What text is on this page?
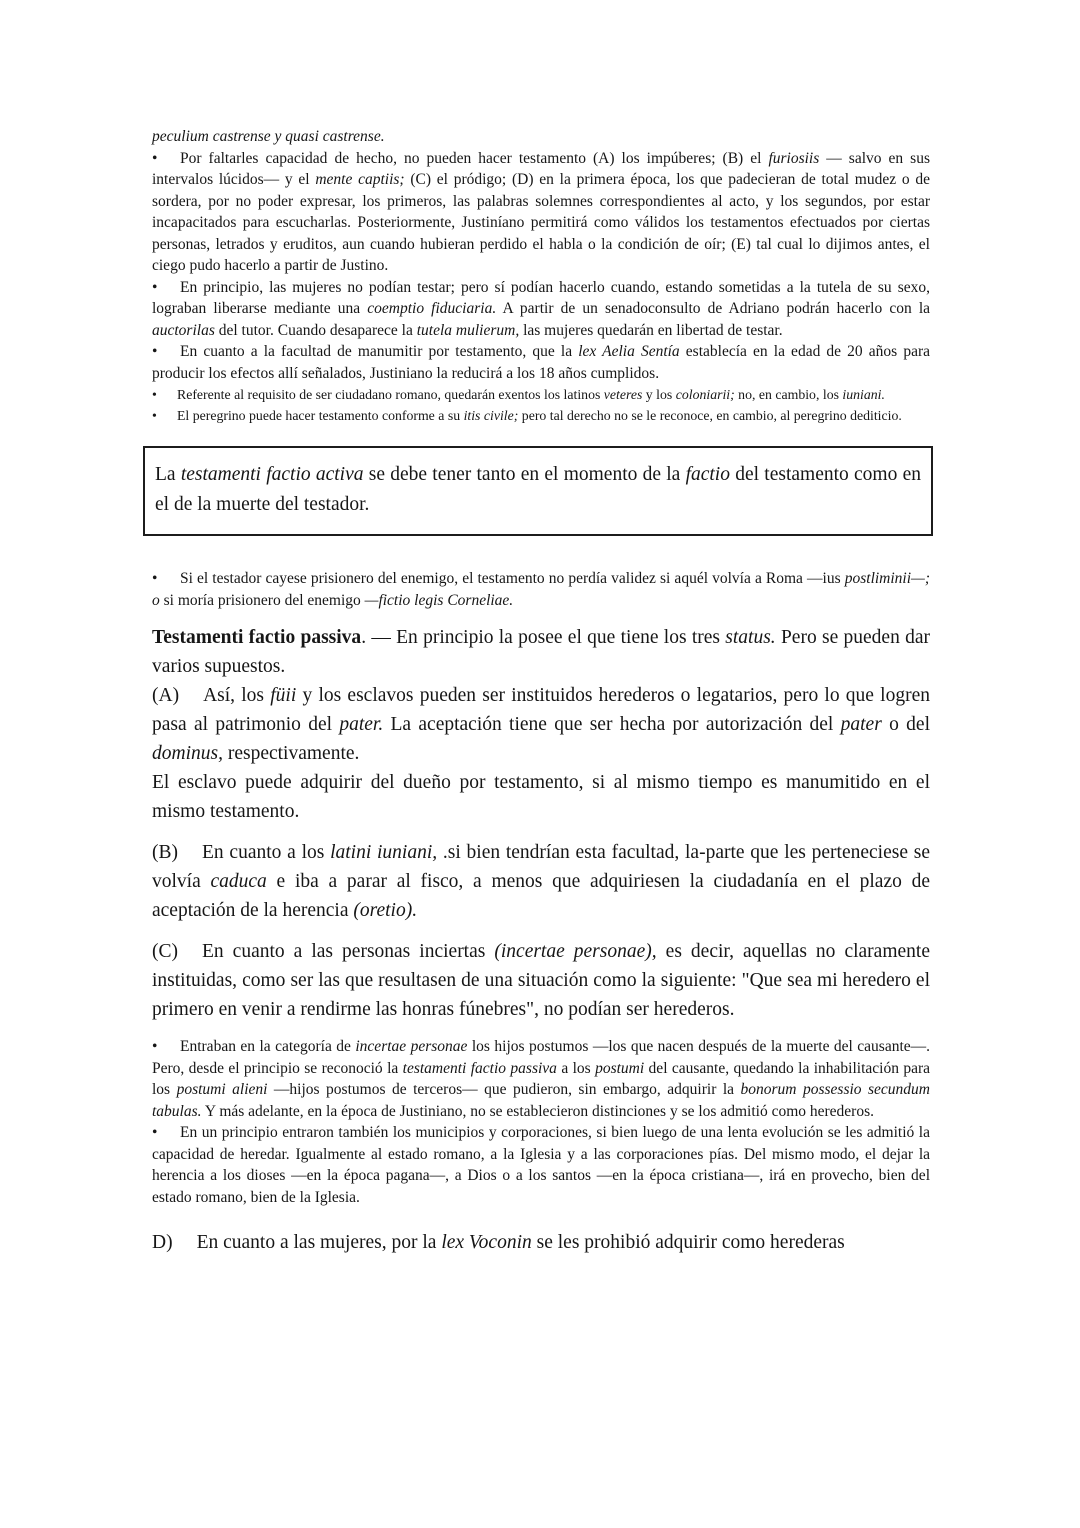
peculium castrense y quasi castrense.

• Por faltarles capacidad de hecho, no pueden hacer testamento (A) los impúberes; (B) el furiosiis — salvo en sus intervalos lúcidos— y el mente captiis; (C) el pródigo; (D) en la primera época, los que padecieran de total mudez o de sordera, por no poder expresar, los primeros, las palabras solemnes correspondientes al acto, y los segundos, por estar incapacitados para escucharlas. Posteriormente, Justiníano permitirá como válidos los testamentos efectuados por ciertas personas, letrados y eruditos, aun cuando hubieran perdido el habla o la condición de oír; (E) tal cual lo dijimos antes, el ciego pudo hacerlo a partir de Justino.

• En principio, las mujeres no podían testar; pero sí podían hacerlo cuando, estando sometidas a la tutela de su sexo, lograban liberarse mediante una coemptio fiduciaria. A partir de un senadoconsulto de Adriano podrán hacerlo con la auctorilas del tutor. Cuando desaparece la tutela mulierum, las mujeres quedarán en libertad de testar.

• En cuanto a la facultad de manumitir por testamento, que la lex Aelia Sentía establecía en la edad de 20 años para producir los efectos allí señalados, Justiniano la reducirá a los 18 años cumplidos.

• Referente al requisito de ser ciudadano romano, quedarán exentos los latinos veteres y los coloniarii; no, en cambio, los iuniani.

• El peregrino puede hacer testamento conforme a su itis civile; pero tal derecho no se le reconoce, en cambio, al peregrino dediticio.

La testamenti factio activa se debe tener tanto en el momento de la factio del testamento como en el de la muerte del testador.

• Si el testador cayese prisionero del enemigo, el testamento no perdía validez si aquél volvía a Roma —ius postliminii—; o si moría prisionero del enemigo —fictio legis Corneliae.

Testamenti factio passiva. — En principio la posee el que tiene los tres status. Pero se pueden dar varios supuestos.

(A) Así, los füii y los esclavos pueden ser instituidos herederos o legatarios, pero lo que logren pasa al patrimonio del pater. La aceptación tiene que ser hecha por autorización del pater o del dominus, respectivamente.

El esclavo puede adquirir del dueño por testamento, si al mismo tiempo es manumitido en el mismo testamento.

(B) En cuanto a los latini iuniani, .si bien tendrían esta facultad, la-parte que les perteneciese se volvía caduca e iba a parar al fisco, a menos que adquiriesen la ciudadanía en el plazo de aceptación de la herencia (oretio).

(C) En cuanto a las personas inciertas (incertae personae), es decir, aquellas no claramente instituidas, como ser las que resultasen de una situación como la siguiente: "Que sea mi heredero el primero en venir a rendirme las honras fúnebres", no podían ser herederos.

• Entraban en la categoría de incertae personae los hijos postumos —los que nacen después de la muerte del causante—. Pero, desde el principio se reconoció la testamenti factio passiva a los postumi del causante, quedando la inhabilitación para los postumi alieni —hijos postumos de terceros— que pudieron, sin embargo, adquirir la bonorum possessio secundum tabulas. Y más adelante, en la época de Justiniano, no se establecieron distinciones y se los admitió como herederos.

• En un principio entraron también los municipios y corporaciones, si bien luego de una lenta evolución se les admitió la capacidad de heredar. Igualmente al estado romano, a la Iglesia y a las corporaciones pías. Del mismo modo, el dejar la herencia a los dioses —en la época pagana—, a Dios o a los santos —en la época cristiana—, irá en provecho, bien del estado romano, bien de la Iglesia.

D) En cuanto a las mujeres, por la lex Voconin se les prohibió adquirir como herederas
